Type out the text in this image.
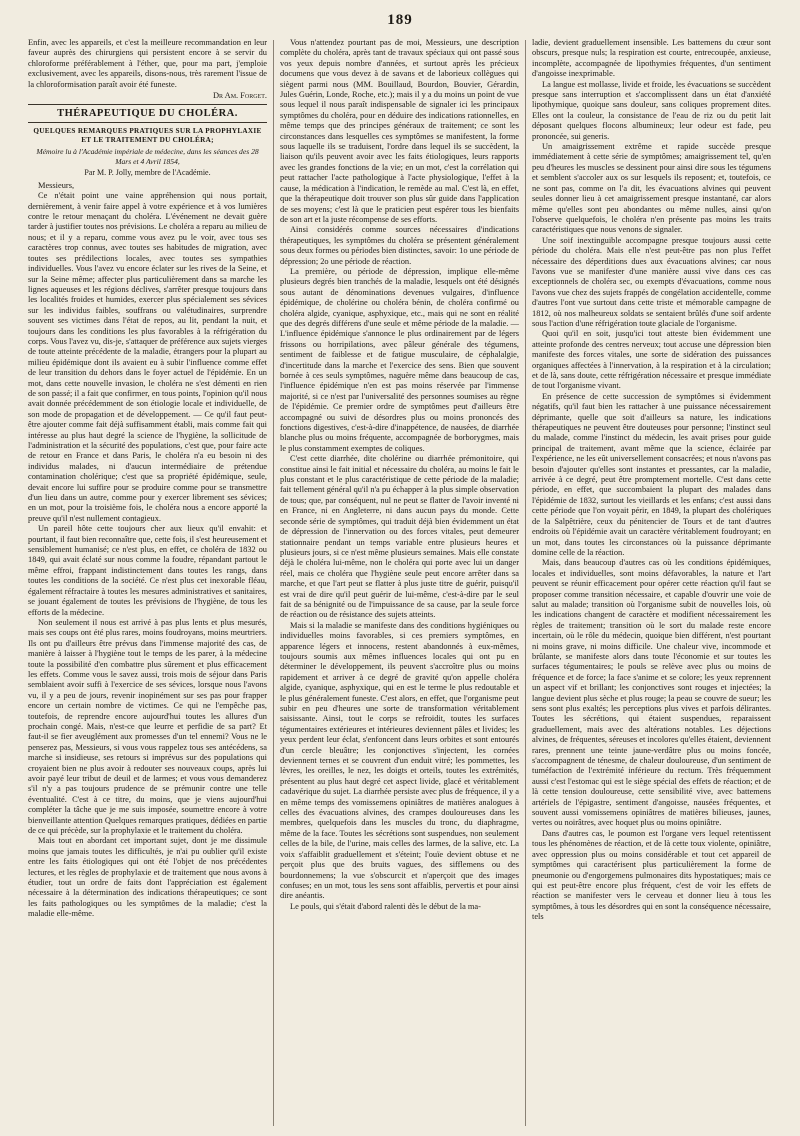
189

Enfin, avec les appareils, et c'est la meilleure recommandation en leur faveur auprès des chirurgiens qui persistent encore à se servir du chloroforme préférablement à l'éther, que, pour ma part, j'emploie exclusivement, avec les appareils, disons-nous, très rarement l'issue de la chloroformisation paraît avoir été funeste.

Dr Am. Forget.
THÉRAPEUTIQUE DU CHOLÉRA.
QUELQUES REMARQUES PRATIQUES SUR LA PROPHYLAXIE ET LE TRAITEMENT DU CHOLÉRA;
Mémoire lu à l'Académie impériale de médecine, dans les séances des 28 Mars et 4 Avril 1854,
Par M. P. Jolly, membre de l'Académie.

Messieurs,

Ce n'était point une vaine appréhension qui nous portait, dernièrement, à venir faire appel à votre expérience et à vos lumières contre le retour menaçant du choléra. L'événement ne devait guère tarder à justifier toutes nos prévisions. Le choléra a reparu au milieu de nous; et il y a reparu, comme vous avez pu le voir, avec tous ses caractères trop connus, avec toutes ses habitudes de migration, avec toutes ses prédilections locales, avec toutes ses sympathies individuelles. Vous l'avez vu encore éclater sur les rives de la Seine, et sur la Seine même; affecter plus particulièrement dans sa marche les lignes aqueuses et les régions déclives, s'arrêter presque toujours dans les localités froides et humides, exercer plus spécialement ses sévices sur les individus faibles, souffrans ou valétudinaires, surprendre souvent ses victimes dans l'état de repos, au lit, pendant la nuit, et toujours dans les conditions les plus favorables à la réfrigération du corps. Vous l'avez vu, dis-je, s'attaquer de préférence aux sujets vierges de toute atteinte précédente de la maladie, étrangers pour la plupart au milieu épidémique dont ils avaient eu à subir l'influence comme effet de leur transition du dehors dans le foyer actuel de l'épidémie. En un mot, dans cette nouvelle invasion, le choléra ne s'est démenti en rien de son passé; il a fait que confirmer, en tous points, l'opinion qu'il nous avait donnée précédemment de son étiologie locale et individuelle, de son mode de propagation et de développement. — Ce qu'il faut peut-être ajouter comme fait déjà suffisamment établi, mais comme fait qui intéresse au plus haut degré la science de l'hygiène, la sollicitude de l'administration et la sécurité des populations, c'est que, pour faire acte de retour en France et dans Paris, le choléra n'a eu besoin ni des individus malades, ni d'aucun intermédiaire de prétendue contamination cholérique; c'est que sa propriété épidémique, seule, devait encore lui suffire pour se produire comme pour se transmettre d'un lieu dans un autre, comme pour y exercer librement ses sévices; en un mot, pour la troisième fois, le choléra nous a encore apporté la preuve qu'il n'est nullement contagieux.

Un pareil hôte cette toujours cher aux lieux qu'il envahit: et pourtant, il faut bien reconnaître que, cette fois, il s'est heureusement et sensiblement humanisé; ce n'est plus, en effet, ce choléra de 1832 ou 1849, qui avait éclaté sur nous comme la foudre, répandant partout le même effroi, frappant indistinctement dans toutes les rangs, dans toutes les conditions de la société. Ce n'est plus cet inexorable fléau, également réfractaire à toutes les mesures administratives et sanitaires, se jouant également de toutes les prévisions de l'hygiène, de tous les efforts de la médecine.

Non seulement il nous est arrivé à pas plus lents et plus mesurés, mais ses coups ont été plus rares, moins foudroyans, moins meurtriers. Ils ont pu d'ailleurs être prévus dans l'immense majorité des cas, de manière à laisser à l'hygiène tout le temps de les parer, à la médecine toute la possibilité d'en combattre plus sûrement et plus efficacement les effets. Comme vous le savez aussi, trois mois de séjour dans Paris semblaient avoir suffi à l'exercice de ses sévices, lorsque nous l'avons vu, il y a peu de jours, revenir inopinément sur ses pas pour frapper encore un certain nombre de victimes. Ce qui ne l'empêche pas, toutefois, de reprendre encore aujourd'hui toutes les allures d'un prochain congé. Mais, n'est-ce que leurre et perfidie de sa part? Et faut-il se fier aveuglément aux promesses d'un tel ennemi? Vous ne le penserez pas, Messieurs, si vous vous rappelez tous ses antécédens, sa marche si insidieuse, ses retours si imprévus sur des populations qui croyaient bien ne plus avoir à redouter ses nouveaux coups, après lui avoir payé leur tribut de deuil et de larmes; et vous vous demanderez s'il n'y a pas toujours prudence de se prémunir contre une telle éventualité. C'est à ce titre, du moins, que je viens aujourd'hui compléter la tâche que je me suis imposée, soumettre encore à votre bienveillante attention Quelques remarques pratiques, dédiées en partie de ce qui précède, sur la prophylaxie et le traitement du choléra.

Mais tout en abordant cet important sujet, dont je me dissimule moins que jamais toutes les difficultés, je n'ai pu oublier qu'il existe entre les faits étiologiques qui ont été l'objet de nos précédentes lectures, et les règles de prophylaxie et de traitement que nous avons à étudier, tout un ordre de faits dont l'appréciation est également nécessaire à la détermination des indications thérapeutiques; ce sont les faits pathologiques ou les symptômes de la maladie; c'est la maladie elle-même.

Vous n'attendez pourtant pas de moi, Messieurs, une description complète du choléra, après tant de travaux spéciaux qui ont passé sous vos yeux depuis nombre d'années, et surtout après les précieux documens que vous devez à de savans et de laborieux collègues qui siègent parmi nous (MM. Bouillaud, Bourdon, Bouvier, Gérardin, Jules Guérin, Londe, Roche, etc.); mais il y a du moins un point de vue sous lequel il nous paraît indispensable de signaler ici les principaux symptômes du choléra, pour en déduire des indications rationnelles, en même temps que des principes généraux de traitement; ce sont les circonstances dans lesquelles ces symptômes se manifestent, la forme sous laquelle ils se traduisent, l'ordre dans lequel ils se succèdent, la liaison qu'ils peuvent avoir avec les faits étiologiques, leurs rapports avec les grandes fonctions de la vie; en un mot, c'est la corrélation qui peut rattacher l'acte pathologique à l'acte physiologique, l'effet à la cause, la médication à l'indication, le remède au mal. C'est là, en effet, que la thérapeutique doit trouver son plus sûr guide dans l'application de ses moyens; c'est là que le praticien peut espérer tous les bienfaits de son art et la juste récompense de ses efforts.

Ainsi considérés comme sources nécessaires d'indications thérapeutiques, les symptômes du choléra se présentent généralement sous deux formes ou périodes bien distinctes, savoir: 1o une période de dépression; 2o une période de réaction.

La première, ou période de dépression, implique elle-même plusieurs degrés bien tranchés de la maladie, lesquels ont été désignés sous autant de dénominations devenues vulgaires, d'influence épidémique, de cholérine ou choléra bénin, de choléra confirmé ou choléra algide, cyanique, asphyxique, etc., mais qui ne sont en réalité que des degrés différens d'une seule et même période de la maladie. — L'influence épidémique s'annonce le plus ordinairement par de légers frissons ou horripilations, avec pâleur générale des tégumens, sentiment de faiblesse et de fatigue musculaire, de céphalalgie, d'incertitude dans la marche et l'exercice des sens. Bien que souvent bornée à ces seuls symptômes, naguère même dans beaucoup de cas, l'influence épidémique n'en est pas moins réservée par l'immense majorité, si ce n'est par l'universalité des personnes soumises au règne de l'épidémie. Ce premier ordre de symptômes peut d'ailleurs être accompagné ou suivi de désordres plus ou moins prononcés des fonctions digestives, c'est-à-dire d'inappétence, de nausées, de diarrhée blanche plus ou moins fréquente, accompagnée de borborygmes, mais le plus constamment exemptes de coliques.

C'est cette diarrhée, dite cholérine ou diarrhée prémonitoire, qui constitue ainsi le fait initial et nécessaire du choléra, au moins le fait le plus constant et le plus caractéristique de cette période de la maladie; fait tellement général qu'il n'a pu échapper à la plus simple observation de tous; que, par conséquent, nul ne peut se flatter de l'avoir inventé ni en France, ni en Angleterre, ni dans aucun pays du monde. Cette seconde série de symptômes, qui traduit déjà bien évidemment un état de dépression de l'innervation ou des forces vitales, peut demeurer stationnaire pendant un temps variable entre plusieurs heures et plusieurs jours, si ce n'est même plusieurs semaines. Mais elle constate déjà le choléra lui-même, non le choléra qui porte avec lui un danger réel, mais ce choléra que l'hygiène seule peut encore arrêter dans sa marche, et que l'art peut se flatter à plus juste titre de guérir, puisqu'il est vrai de dire qu'il peut guérir de lui-même, c'est-à-dire par le seul fait de sa bénignité ou de l'impuissance de sa cause, par la seule force de réaction ou de résistance des sujets atteints.

Mais si la maladie se manifeste dans des conditions hygiéniques ou individuelles moins favorables, si ces premiers symptômes, en apparence légers et innocens, restent abandonnés à eux-mêmes, toujours soumis aux mêmes influences locales qui ont pu en déterminer le développement, ils peuvent s'accroître plus ou moins rapidement et arriver à ce degré de gravité qu'on appelle choléra algide, cyanique, asphyxique, qui en est le terme le plus redoutable et le plus généralement funeste. C'est alors, en effet, que l'organisme peut subir en peu d'heures une sorte de transformation véritablement saisissante. Ainsi, tout le corps se refroidit, toutes les surfaces tégumentaires extérieures et intérieures deviennent pâles et livides; les yeux perdent leur éclat, s'enfoncent dans leurs orbites et sont entourés d'un cercle bleuâtre; les conjonctives s'injectent, les cornées deviennent ternes et se couvrent d'un enduit vitré; les pommettes, les lèvres, les oreilles, le nez, les doigts et orteils, toutes les extrémités, présentent au plus haut degré cet aspect livide, glacé et véritablement cadavérique du sujet. La diarrhée persiste avec plus de fréquence, il y a en même temps des vomissemens opiniâtres de matières analogues à celles des évacuations alvines, des crampes douloureuses dans les membres, quelquefois dans les muscles du tronc, du diaphragme, même de la face. Toutes les sécrétions sont suspendues, non seulement celles de la bile, de l'urine, mais celles des larmes, de la salive, etc. La voix s'affaiblit graduellement et s'éteint; l'ouïe devient obtuse et ne perçoit plus que des bruits vagues, des sifflemens ou des bourdonnemens; la vue s'obscurcit et n'aperçoit que des images confuses; en un mot, tous les sens sont affaiblis, pervertis et pour ainsi dire anéantis.

Le pouls, qui s'était d'abord ralenti dès le début de la ma-

ladie, devient graduellement insensible. Les battemens du cœur sont obscurs, presque nuls; la respiration est courte, entrecoupée, anxieuse, incomplète, accompagnée de lipothymies fréquentes, d'un sentiment d'angoisse inexprimable.

La langue est mollasse, livide et froide, les évacuations se succèdent presque sans interruption et s'accomplissent dans un état d'anxiété lipothymique, quoique sans douleur, sans coliques proprement dites. Elles ont la couleur, la consistance de l'eau de riz ou du petit lait déposant quelques flocons albumineux; leur odeur est fade, peu prononcée, sui generis.

Un amaigrissement extrême et rapide succède presque immédiatement à cette série de symptômes; amaigrissement tel, qu'en peu d'heures les muscles se dessinent pour ainsi dire sous les tégumens et semblent s'accoler aux os sur lesquels ils reposent; et, toutefois, ce ne sont pas, comme on l'a dit, les évacuations alvines qui peuvent seules donner lieu à cet amaigrissement presque instantané, car alors même qu'elles sont peu abondantes ou même nulles, ainsi qu'on l'observe quelquefois, le choléra n'en présente pas moins les traits caractéristiques que nous venons de signaler.

Une soif inextinguible accompagne presque toujours aussi cette période du choléra. Mais elle n'est peut-être pas non plus l'effet nécessaire des déperditions dues aux évacuations alvines; car nous l'avons vue se manifester d'une manière aussi vive dans ces cas exceptionnels de choléra sec, ou exempts d'évacuations, comme nous l'avons vue chez des sujets frappés de congélation accidentelle, comme d'autres l'ont vue surtout dans cette triste et mémorable campagne de 1812, où nos malheureux soldats se sentaient brûlés d'une soif ardente sous l'action d'une réfrigération toute glaciale de l'organisme.

Quoi qu'il en soit, jusqu'ici tout atteste bien évidemment une atteinte profonde des centres nerveux; tout accuse une dépression bien manifeste des forces vitales, une sorte de sidération des puissances organiques affectées à l'innervation, à la respiration et à la circulation; et de là, sans doute, cette réfrigération nécessaire et presque immédiate de tout l'organisme vivant.

En présence de cette succession de symptômes si évidemment négatifs, qu'il faut bien les rattacher à une puissance nécessairement déprimante, quelle que soit d'ailleurs sa nature, les indications thérapeutiques ne peuvent être douteuses pour personne; l'instinct seul du malade, comme l'instinct du médecin, les avait prises pour guide principal de traitement, avant même que la science, éclairée par l'expérience, ne les eût universellement consacrées; et nous n'avons pas besoin d'ajouter qu'elles sont instantes et pressantes, car la maladie, arrivée à ce degré, peut être promptement mortelle. C'est dans cette période, en effet, que succombaient la plupart des malades dans l'épidémie de 1832, surtout les vieillards et les enfans; c'est aussi dans cette période que l'on voyait périr, en 1849, la plupart des cholériques de la Salpêtrière, ceux du pénitencier de Tours et de tant d'autres endroits où l'épidémie avait un caractère véritablement foudroyant; en un mot, dans toutes les circonstances où la puissance déprimante domine celle de la réaction.

Mais, dans beaucoup d'autres cas où les conditions épidémiques, locales et individuelles, sont moins défavorables, la nature et l'art peuvent se réunir efficacement pour opérer cette réaction qu'il faut se proposer comme transition nécessaire, et capable d'ouvrir une voie de salut au malade; transition où l'organisme subit de nouvelles lois, où les indications changent de caractère et modifient nécessairement les règles de traitement; transition où le sort du malade reste encore incertain, où le rôle du médecin, quoique bien différent, n'est pourtant ni moins grave, ni moins difficile. Une chaleur vive, incommode et brûlante, se manifeste alors dans toute l'économie et sur toutes les surfaces tégumentaires; le pouls se relève avec plus ou moins de fréquence et de force; la face s'anime et se colore; les yeux reprennent un aspect vif et brillant; les conjonctives sont rouges et injectées; la langue devient plus sèche et plus rouge; la peau se couvre de sueur; les sens sont plus exaltés; les perceptions plus vives et parfois délirantes. Toutes les sécrétions, qui étaient suspendues, reparaissent graduellement, mais avec des altérations notables. Les déjections alvines, de fréquentes, séreuses et incolores qu'elles étaient, deviennent rares, prennent une teinte jaune-verdâtre plus ou moins foncée, s'accompagnent de ténesme, de chaleur douloureuse, d'un sentiment de tuméfaction de l'extrémité inférieure du rectum. Très fréquemment aussi c'est l'estomac qui est le siège spécial des effets de réaction; et de là cette tension douloureuse, cette sensibilité vive, avec battemens artériels de l'épigastre, sentiment d'angoisse, nausées fréquentes, et souvent aussi vomissemens opiniâtres de matières bilieuses, jaunes, vertes ou noirâtres, avec hoquet plus ou moins opiniâtre.

Dans d'autres cas, le poumon est l'organe vers lequel retentissent tous les phénomènes de réaction, et de là cette toux violente, opiniâtre, avec oppression plus ou moins considérable et tout cet appareil de symptômes qui caractérisent plus particulièrement la forme de pneumonie ou d'engorgemens pulmonaires dits hypostatiques; mais ce qui est peut-être encore plus fréquent, c'est de voir les effets de réaction se manifester vers le cerveau et donner lieu à tous les symptômes, à tous les désordres qui en sont la conséquence nécessaire, tels
